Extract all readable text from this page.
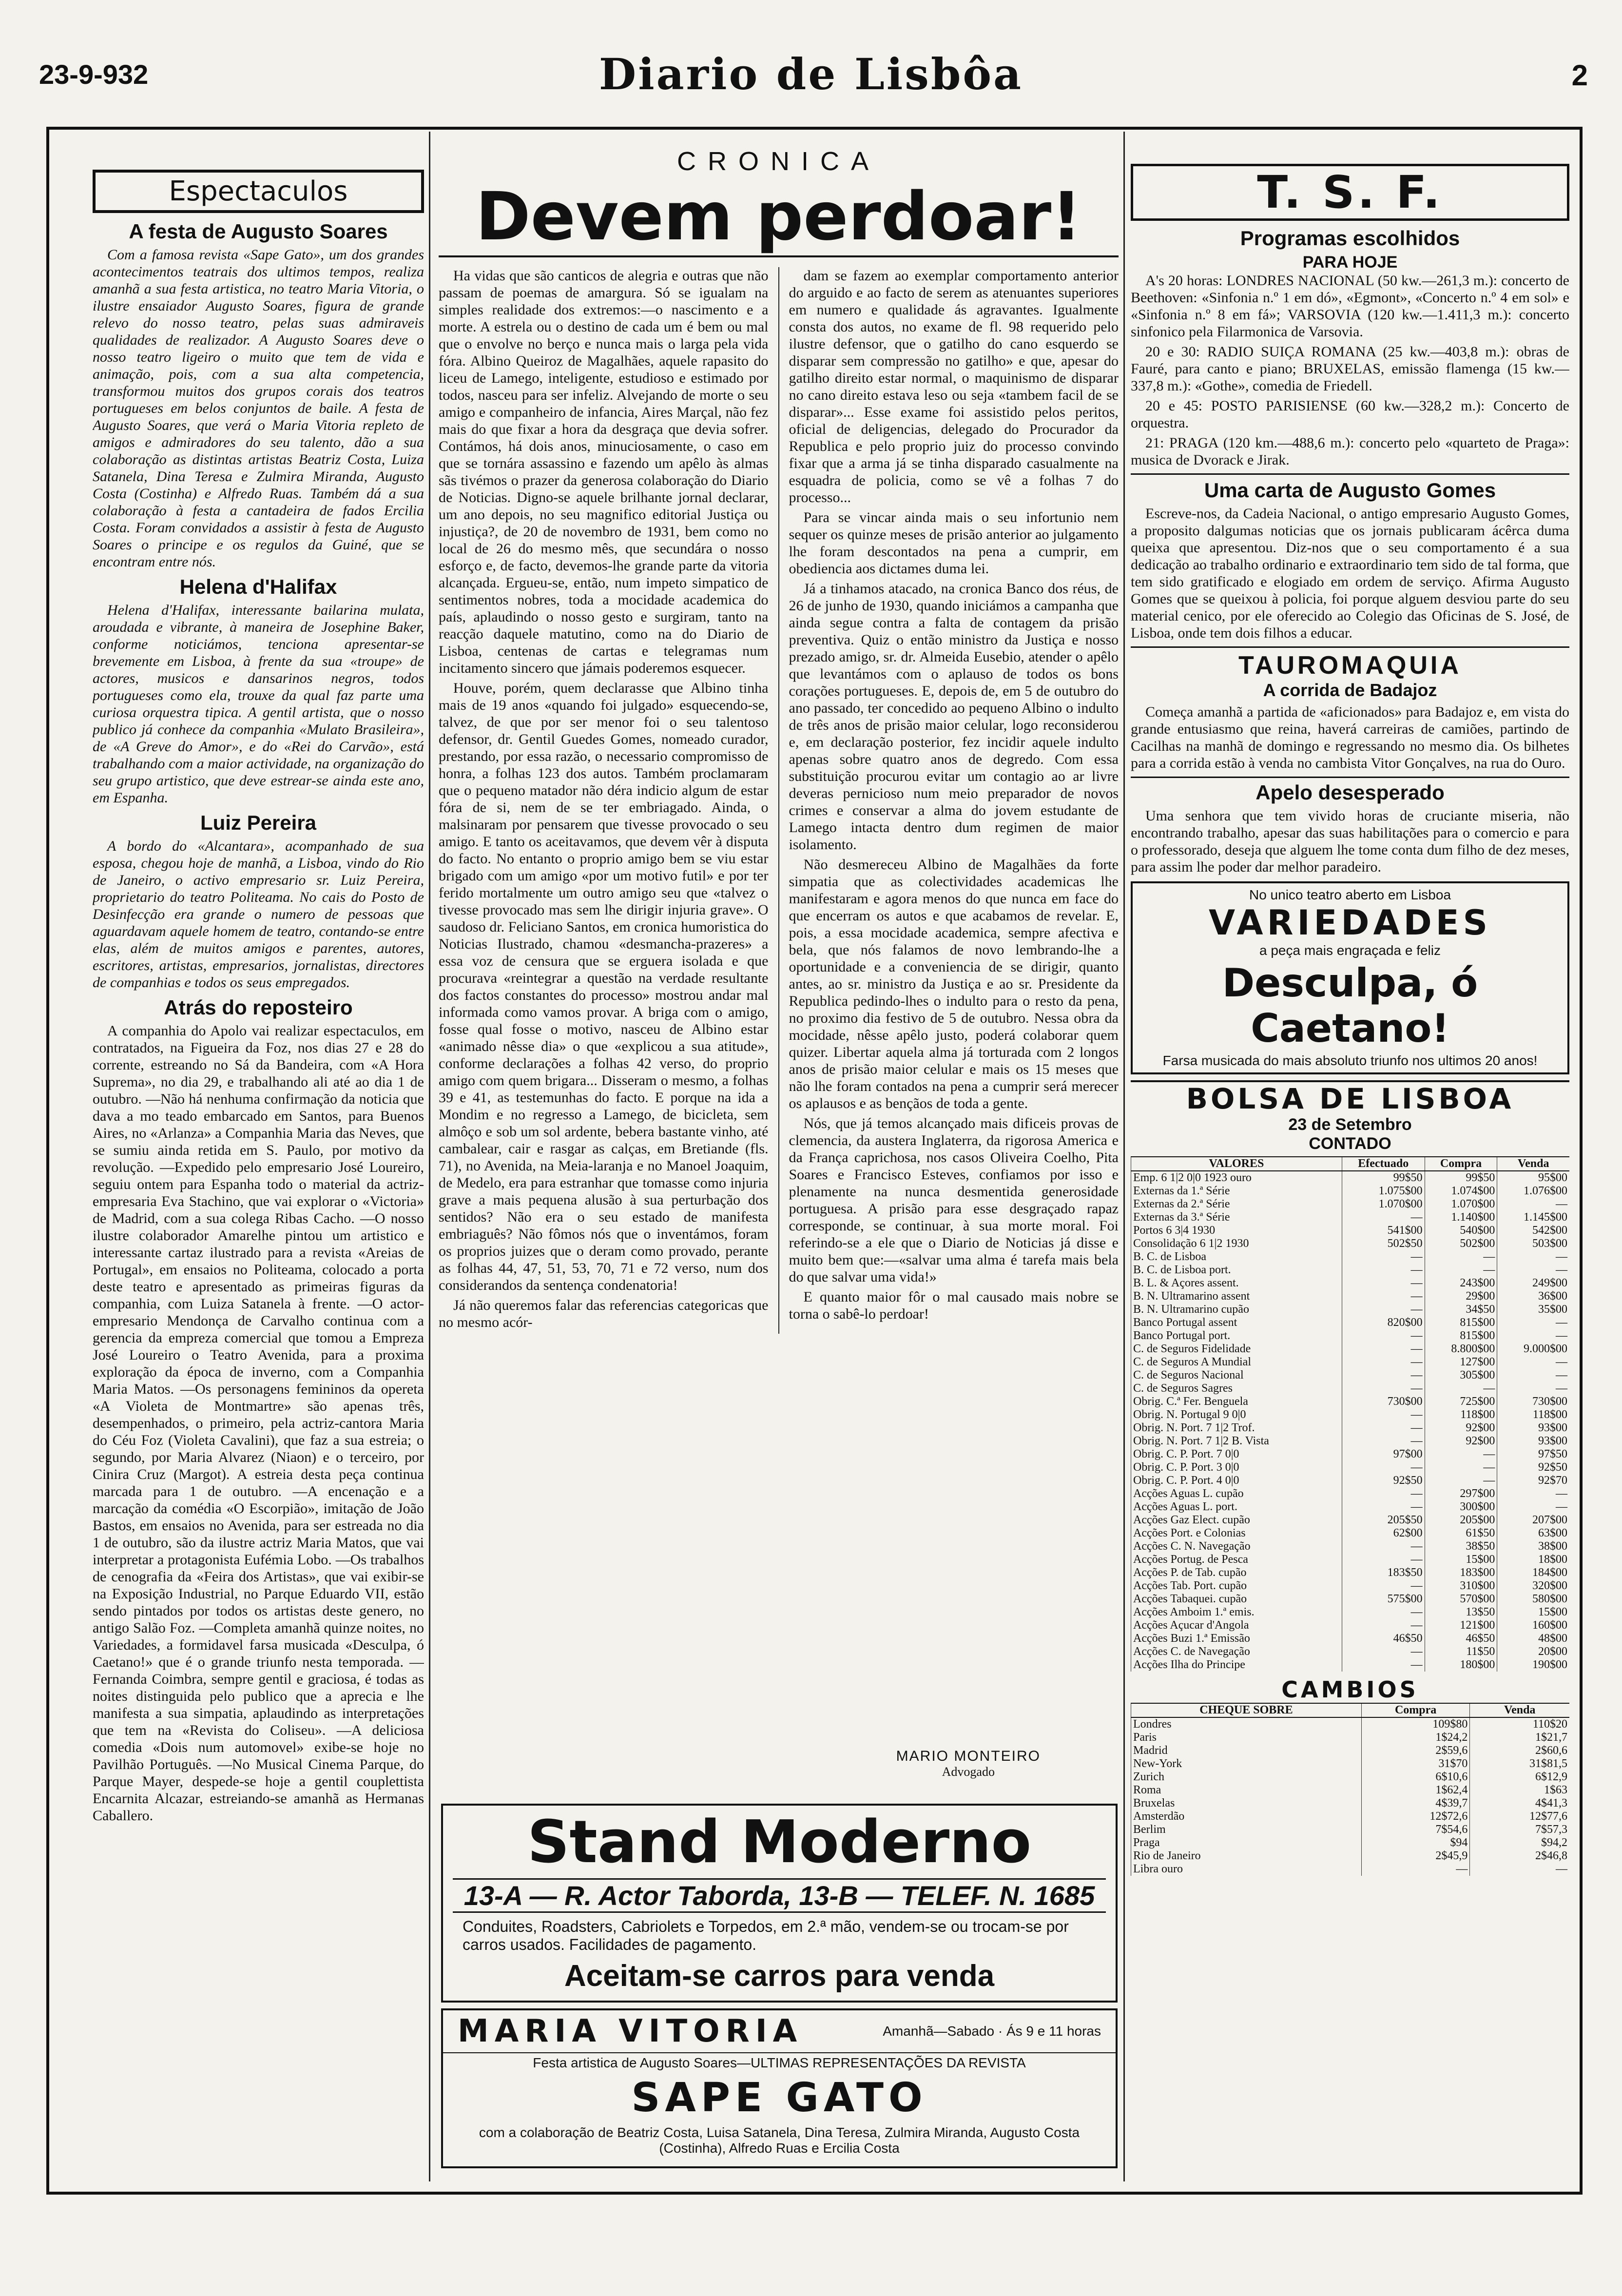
23-9-932	Diario de Lisbôa	2
Espectaculos
A festa de Augusto Soares

Com a famosa revista «Sape Gato», um dos grandes acontecimentos teatrais dos ultimos tempos, realiza amanhã a sua festa artistica, no teatro Maria Vitoria, o ilustre ensaiador Augusto Soares, figura de grande relevo do nosso teatro, pelas suas admiraveis qualidades de realizador. A Augusto Soares deve o nosso teatro ligeiro o muito que tem de vida e animação, pois, com a sua alta competencia, transformou muitos dos grupos corais dos teatros portugueses em belos conjuntos de baile. A festa de Augusto Soares, que verá o Maria Vitoria repleto de amigos e admiradores do seu talento, dão a sua colaboração as distintas artistas Beatriz Costa, Luiza Satanela, Dina Teresa e Zulmira Miranda, Augusto Costa (Costinha) e Alfredo Ruas. Também dá a sua colaboração à festa a cantadeira de fados Ercilia Costa. Foram convidados a assistir à festa de Augusto Soares o principe e os regulos da Guiné, que se encontram entre nós.

Helena d'Halifax

Helena d'Halifax, interessante bailarina mulata, aroudada e vibrante, à maneira de Josephine Baker, conforme noticiámos, tenciona apresentar-se brevemente em Lisboa, à frente da sua «troupe» de actores, musicos e dansarinos negros, todos portugueses como ela, trouxe da qual faz parte uma curiosa orquestra tipica. A gentil artista, que o nosso publico já conhece da companhia «Mulato Brasileira», de «A Greve do Amor», e do «Rei do Carvão», está trabalhando com a maior actividade, na organização do seu grupo artistico, que deve estrear-se ainda este ano, em Espanha.

Luiz Pereira

A bordo do «Alcantara», acompanhado de sua esposa, chegou hoje de manhã, a Lisboa, vindo do Rio de Janeiro, o activo empresario sr. Luiz Pereira, proprietario do teatro Politeama. No cais do Posto de Desinfecção era grande o numero de pessoas que aguardavam aquele homem de teatro, contando-se entre elas, além de muitos amigos e parentes, autores, escritores, artistas, empresarios, jornalistas, directores de companhias e todos os seus empregados.

Atrás do reposteiro

A companhia do Apolo vai realizar espectaculos, em contratados, na Figueira da Foz, nos dias 27 e 28 do corrente, estreando no Sá da Bandeira, com «A Hora Suprema», no dia 29, e trabalhando ali até ao dia 1 de outubro. —Não há nenhuma confirmação da noticia que dava a mo teado embarcado em Santos, para Buenos Aires, no «Arlanza» a Companhia Maria das Neves, que se sumiu ainda retida em S. Paulo, por motivo da revolução. —Expedido pelo empresario José Loureiro, seguiu ontem para Espanha todo o material da actriz-empresaria Eva Stachino, que vai explorar o «Victoria» de Madrid, com a sua colega Ribas Cacho. —O nosso ilustre colaborador Amarelhe pintou um artistico e interessante cartaz ilustrado para a revista «Areias de Portugal», em ensaios no Politeama, colocado a porta deste teatro e apresentado as primeiras figuras da companhia, com Luiza Satanela à frente. —O actor-empresario Mendonça de Carvalho continua com a gerencia da empreza comercial que tomou a Empreza José Loureiro o Teatro Avenida, para a proxima exploração da época de inverno, com a Companhia Maria Matos. —Os personagens femininos da opereta «A Violeta de Montmartre» são apenas três, desempenhados, o primeiro, pela actriz-cantora Maria do Céu Foz (Violeta Cavalini), que faz a sua estreia; o segundo, por Maria Alvarez (Niaon) e o terceiro, por Cinira Cruz (Margot). A estreia desta peça continua marcada para 1 de outubro. —A encenação e a marcação da comédia «O Escorpião», imitação de João Bastos, em ensaios no Avenida, para ser estreada no dia 1 de outubro, são da ilustre actriz Maria Matos, que vai interpretar a protagonista Eufémia Lobo. —Os trabalhos de cenografia da «Feira dos Artistas», que vai exibir-se na Exposição Industrial, no Parque Eduardo VII, estão sendo pintados por todos os artistas deste genero, no antigo Salão Foz. —Completa amanhã quinze noites, no Variedades, a formidavel farsa musicada «Desculpa, ó Caetano!» que é o grande triunfo nesta temporada. —Fernanda Coimbra, sempre gentil e graciosa, é todas as noites distinguida pelo publico que a aprecia e lhe manifesta a sua simpatia, aplaudindo as interpretações que tem na «Revista do Coliseu». —A deliciosa comedia «Dois num automovel» exibe-se hoje no Pavilhão Português. —No Musical Cinema Parque, do Parque Mayer, despede-se hoje a gentil couplettista Encarnita Alcazar, estreiando-se amanhã as Hermanas Caballero.

CRONICA
Devem perdoar!

Ha vidas que são canticos de alegria e outras que não passam de poemas de amargura. Só se igualam na simples realidade dos extremos:—o nascimento e a morte. A estrela ou o destino de cada um é bem ou mal que o envolve no berço e nunca mais o larga pela vida fóra. Albino Queiroz de Magalhães, aquele rapasito do liceu de Lamego, inteligente, estudioso e estimado por todos, nasceu para ser infeliz. Alvejando de morte o seu amigo e companheiro de infancia, Aires Marçal, não fez mais do que fixar a hora da desgraça que devia sofrer. Contámos, há dois anos, minuciosamente, o caso em que se tornára assassino e fazendo um apêlo às almas sãs tivémos o prazer da generosa colaboração do Diario de Noticias. Digno-se aquele brilhante jornal declarar, um ano depois, no seu magnifico editorial Justiça ou injustiça?, de 20 de novembro de 1931, bem como no local de 26 do mesmo mês, que secundára o nosso esforço e, de facto, devemos-lhe grande parte da vitoria alcançada. Ergueu-se, então, num impeto simpatico de sentimentos nobres, toda a mocidade academica do país, aplaudindo o nosso gesto e surgiram, tanto na reacção daquele matutino, como na do Diario de Lisboa, centenas de cartas e telegramas num incitamento sincero que jámais poderemos esquecer.

Houve, porém, quem declarasse que Albino tinha mais de 19 anos «quando foi julgado» esquecendo-se, talvez, de que por ser menor foi o seu talentoso defensor, dr. Gentil Guedes Gomes, nomeado curador, prestando, por essa razão, o necessario compromisso de honra, a folhas 123 dos autos. Também proclamaram que o pequeno matador não déra indicio algum de estar fóra de si, nem de se ter embriagado. Ainda, o malsinaram por pensarem que tivesse provocado o seu amigo. E tanto os aceitavamos, que devem vêr à disputa do facto. No entanto o proprio amigo bem se viu estar brigado com um amigo «por um motivo futil» e por ter ferido mortalmente um outro amigo seu que «talvez o tivesse provocado mas sem lhe dirigir injuria grave». O saudoso dr. Feliciano Santos, em cronica humoristica do Noticias Ilustrado, chamou «desmancha-prazeres» a essa voz de censura que se erguera isolada e que procurava «reintegrar a questão na verdade resultante dos factos constantes do processo» mostrou andar mal informada como vamos provar. A briga com o amigo, fosse qual fosse o motivo, nasceu de Albino estar «animado nêsse dia» o que «explicou a sua atitude», conforme declarações a folhas 42 verso, do proprio amigo com quem brigara... Disseram o mesmo, a folhas 39 e 41, as testemunhas do facto. E porque na ida a Mondim e no regresso a Lamego, de bicicleta, sem almôço e sob um sol ardente, bebera bastante vinho, até cambalear, cair e rasgar as calças, em Bretiande (fls. 71), no Avenida, na Meia-laranja e no Manoel Joaquim, de Medelo, era para estranhar que tomasse como injuria grave a mais pequena alusão à sua perturbação dos sentidos? Não era o seu estado de manifesta embriaguês? Não fômos nós que o inventámos, foram os proprios juizes que o deram como provado, perante as folhas 44, 47, 51, 53, 70, 71 e 72 verso, num dos considerandos da sentença condenatoria!

Já não queremos falar das referencias categoricas que no mesmo acór-

dam se fazem ao exemplar comportamento anterior do arguido e ao facto de serem as atenuantes superiores em numero e qualidade ás agravantes. Igualmente consta dos autos, no exame de fl. 98 requerido pelo ilustre defensor, que o gatilho do cano esquerdo se disparar sem compressão no gatilho» e que, apesar do gatilho direito estar normal, o maquinismo de disparar no cano direito estava leso ou seja «tambem facil de se disparar»... Esse exame foi assistido pelos peritos, oficial de deligencias, delegado do Procurador da Republica e pelo proprio juiz do processo convindo fixar que a arma já se tinha disparado casualmente na esquadra de policia, como se vê a folhas 7 do processo...

Para se vincar ainda mais o seu infortunio nem sequer os quinze meses de prisão anterior ao julgamento lhe foram descontados na pena a cumprir, em obediencia aos dictames duma lei.

Já a tinhamos atacado, na cronica Banco dos réus, de 26 de junho de 1930, quando iniciámos a campanha que ainda segue contra a falta de contagem da prisão preventiva. Quiz o então ministro da Justiça e nosso prezado amigo, sr. dr. Almeida Eusebio, atender o apêlo que levantámos com o aplauso de todos os bons corações portugueses. E, depois de, em 5 de outubro do ano passado, ter concedido ao pequeno Albino o indulto de três anos de prisão maior celular, logo reconsiderou e, em declaração posterior, fez incidir aquele indulto apenas sobre quatro anos de degredo. Com essa substituição procurou evitar um contagio ao ar livre deveras pernicioso num meio preparador de novos crimes e conservar a alma do jovem estudante de Lamego intacta dentro dum regimen de maior isolamento.

Não desmereceu Albino de Magalhães da forte simpatia que as colectividades academicas lhe manifestaram e agora menos do que nunca em face do que encerram os autos e que acabamos de revelar. E, pois, a essa mocidade academica, sempre afectiva e bela, que nós falamos de novo lembrando-lhe a oportunidade e a conveniencia de se dirigir, quanto antes, ao sr. ministro da Justiça e ao sr. Presidente da Republica pedindo-lhes o indulto para o resto da pena, no proximo dia festivo de 5 de outubro. Nessa obra da mocidade, nêsse apêlo justo, poderá colaborar quem quizer. Libertar aquela alma já torturada com 2 longos anos de prisão maior celular e mais os 15 meses que não lhe foram contados na pena a cumprir será merecer os aplausos e as bençãos de toda a gente.

Nós, que já temos alcançado mais dificeis provas de clemencia, da austera Inglaterra, da rigorosa America e da França caprichosa, nos casos Oliveira Coelho, Pita Soares e Francisco Esteves, confiamos por isso e plenamente na nunca desmentida generosidade portuguesa. A prisão para esse desgraçado rapaz corresponde, se continuar, à sua morte moral. Foi referindo-se a ele que o Diario de Noticias já disse e muito bem que:—«salvar uma alma é tarefa mais bela do que salvar uma vida!»

E quanto maior fôr o mal causado mais nobre se torna o sabê-lo perdoar!

MARIO MONTEIRO
Advogado
Stand Moderno
13-A — R. Actor Taborda, 13-B — TELEF. N. 1685
Conduites, Roadsters, Cabriolets e Torpedos, em 2.ª mão, vendem-se ou trocam-se por carros usados. Facilidades de pagamento.
Aceitam-se carros para venda
MARIA VITORIA	Amanhã—Sabado · Ás 9 e 11 horas
Festa artistica de Augusto Soares—ULTIMAS REPRESENTAÇÕES DA REVISTA
SAPE GATO
com a colaboração de Beatriz Costa, Luisa Satanela, Dina Teresa, Zulmira Miranda, Augusto Costa (Costinha), Alfredo Ruas e Ercilia Costa
T. S. F.
Programas escolhidos
PARA HOJE

A's 20 horas: LONDRES NACIONAL (50 kw.—261,3 m.): concerto de Beethoven: «Sinfonia n.º 1 em dó», «Egmont», «Concerto n.º 4 em sol» e «Sinfonia n.º 8 em fá»; VARSOVIA (120 kw.—1.411,3 m.): concerto sinfonico pela Filarmonica de Varsovia.

20 e 30: RADIO SUIÇA ROMANA (25 kw.—403,8 m.): obras de Fauré, para canto e piano; BRUXELAS, emissão flamenga (15 kw.—337,8 m.): «Gothe», comedia de Friedell.

20 e 45: POSTO PARISIENSE (60 kw.—328,2 m.): Concerto de orquestra.

21: PRAGA (120 km.—488,6 m.): concerto pelo «quarteto de Praga»: musica de Dvorack e Jirak.

Uma carta de Augusto Gomes

Escreve-nos, da Cadeia Nacional, o antigo empresario Augusto Gomes, a proposito dalgumas noticias que os jornais publicaram ácêrca duma queixa que apresentou. Diz-nos que o seu comportamento é a sua dedicação ao trabalho ordinario e extraordinario tem sido de tal forma, que tem sido gratificado e elogiado em ordem de serviço. Afirma Augusto Gomes que se queixou à policia, foi porque alguem desviou parte do seu material cenico, por ele oferecido ao Colegio das Oficinas de S. José, de Lisboa, onde tem dois filhos a educar.

TAUROMAQUIA
A corrida de Badajoz

Começa amanhã a partida de «aficionados» para Badajoz e, em vista do grande entusiasmo que reina, haverá carreiras de camiões, partindo de Cacilhas na manhã de domingo e regressando no mesmo dia. Os bilhetes para a corrida estão à venda no cambista Vitor Gonçalves, na rua do Ouro.

Apelo desesperado

Uma senhora que tem vivido horas de cruciante miseria, não encontrando trabalho, apesar das suas habilitações para o comercio e para o professorado, deseja que alguem lhe tome conta dum filho de dez meses, para assim lhe poder dar melhor paradeiro.

No unico teatro aberto em Lisboa
VARIEDADES
a peça mais engraçada e feliz
Desculpa, ó Caetano!
Farsa musicada do mais absoluto triunfo nos ultimos 20 anos!
BOLSA DE LISBOA
23 de Setembro
CONTADO
VALORES	Efectuado	Compra	Venda
Emp. 6 1|2 0|0 1923 ouro	99$50	99$50	95$00
Externas da 1.ª Série	1.075$00	1.074$00	1.076$00
Externas da 2.ª Série	1.070$00	1.070$00	—
Externas da 3.ª Série	—	1.140$00	1.145$00
Portos 6 3|4 1930	541$00	540$00	542$00
Consolidação 6 1|2 1930	502$50	502$00	503$00
B. C. de Lisboa	—	—	—
B. C. de Lisboa port.	—	—	—
B. L. & Açores assent.	—	243$00	249$00
B. N. Ultramarino assent	—	29$00	36$00
B. N. Ultramarino cupão	—	34$50	35$00
Banco Portugal assent	820$00	815$00	—
Banco Portugal port.	—	815$00	—
C. de Seguros Fidelidade	—	8.800$00	9.000$00
C. de Seguros A Mundial	—	127$00	—
C. de Seguros Nacional	—	305$00	—
C. de Seguros Sagres	—	—	—
Obrig. C.ª Fer. Benguela	730$00	725$00	730$00
Obrig. N. Portugal 9 0|0	—	118$00	118$00
Obrig. N. Port. 7 1|2 Trof.	—	92$00	93$00
Obrig. N. Port. 7 1|2 B. Vista	—	92$00	93$00
Obrig. C. P. Port. 7 0|0	97$00	—	97$50
Obrig. C. P. Port. 3 0|0	—	—	92$50
Obrig. C. P. Port. 4 0|0	92$50	—	92$70
Acções Aguas L. cupão	—	297$00	—
Acções Aguas L. port.	—	300$00	—
Acções Gaz Elect. cupão	205$50	205$00	207$00
Acções Port. e Colonias	62$00	61$50	63$00
Acções C. N. Navegação	—	38$50	38$00
Acções Portug. de Pesca	—	15$00	18$00
Acções P. de Tab. cupão	183$50	183$00	184$00
Acções Tab. Port. cupão	—	310$00	320$00
Acções Tabaquei. cupão	575$00	570$00	580$00
Acções Amboim 1.ª emis.	—	13$50	15$00
Acções Açucar d'Angola	—	121$00	160$00
Acções Buzi 1.ª Emissão	46$50	46$50	48$00
Acções C. de Navegação	—	11$50	20$00
Acções Ilha do Principe	—	180$00	190$00
CAMBIOS
CHEQUE SOBRE	Compra	Venda
Londres	109$80	110$20
Paris	1$24,2	1$21,7
Madrid	2$59,6	2$60,6
New-York	31$70	31$81,5
Zurich	6$10,6	6$12,9
Roma	1$62,4	1$63
Bruxelas	4$39,7	4$41,3
Amsterdão	12$72,6	12$77,6
Berlim	7$54,6	7$57,3
Praga	$94	$94,2
Rio de Janeiro	2$45,9	2$46,8
Libra ouro	—	—
